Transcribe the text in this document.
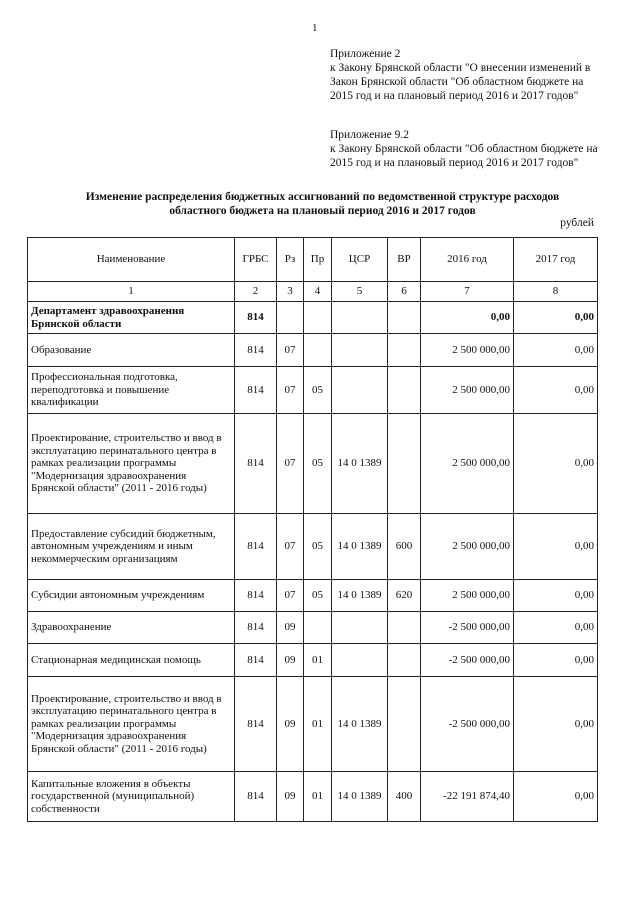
1
Приложение 2
к Закону Брянской области "О внесении изменений в
Закон Брянской области "Об областном бюджете на
2015 год и на плановый период 2016 и 2017 годов"
Приложение 9.2
к Закону Брянской области "Об областном бюджете на
2015 год и на плановый период 2016 и 2017 годов"
Изменение распределения бюджетных ассигнований по ведомственной структуре расходов
областного бюджета на плановый период 2016 и 2017 годов
рублей
Наименование	ГРБС	Рз	Пр	ЦСР	ВР	2016 год	2017 год
1	2	3	4	5	6	7	8
Департамент здравоохранения Брянской области	814					0,00	0,00
Образование	814	07				2 500 000,00	0,00
Профессиональная подготовка, переподготовка и повышение квалификации	814	07	05			2 500 000,00	0,00
Проектирование, строительство и ввод в эксплуатацию перинатального центра в рамках реализации программы "Модернизация здравоохранения Брянской области" (2011 - 2016 годы)	814	07	05	14 0 1389		2 500 000,00	0,00
Предоставление субсидий бюджетным, автономным учреждениям и иным некоммерческим организациям	814	07	05	14 0 1389	600	2 500 000,00	0,00
Субсидии автономным учреждениям	814	07	05	14 0 1389	620	2 500 000,00	0,00
Здравоохранение	814	09				-2 500 000,00	0,00
Стационарная медицинская помощь	814	09	01			-2 500 000,00	0,00
Проектирование, строительство и ввод в эксплуатацию перинатального центра в рамках реализации программы "Модернизация здравоохранения Брянской области" (2011 - 2016 годы)	814	09	01	14 0 1389		-2 500 000,00	0,00
Капитальные вложения в объекты государственной (муниципальной) собственности	814	09	01	14 0 1389	400	-22 191 874,40	0,00
